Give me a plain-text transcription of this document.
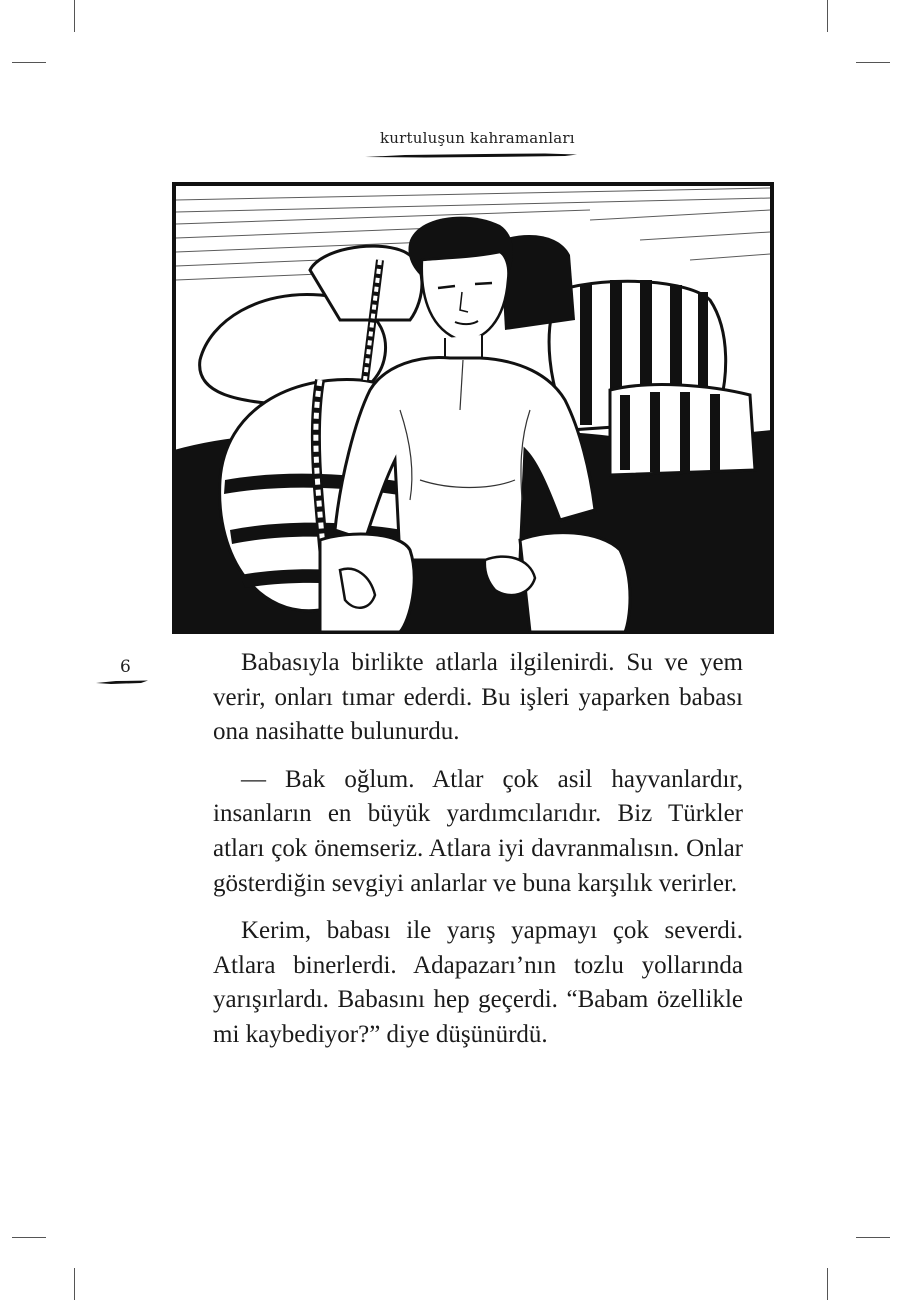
kurtuluşun kahramanları
6	Babasıyla birlikte atlarla ilgilenirdi. Su ve yem verir, onları tımar ederdi. Bu işleri yaparken babası ona nasihatte bulunurdu.

— Bak oğlum. Atlar çok asil hayvanlardır, insanların en büyük yardımcılarıdır. Biz Türkler atları çok önemseriz. Atlara iyi davranmalısın. Onlar gösterdiğin sevgiyi anlarlar ve buna karşılık verirler.

Kerim, babası ile yarış yapmayı çok severdi. Atlara binerlerdi. Adapazarı’nın tozlu yollarında yarışırlardı. Babasını hep geçerdi. “Babam özellikle mi kaybediyor?” diye düşünürdü.
